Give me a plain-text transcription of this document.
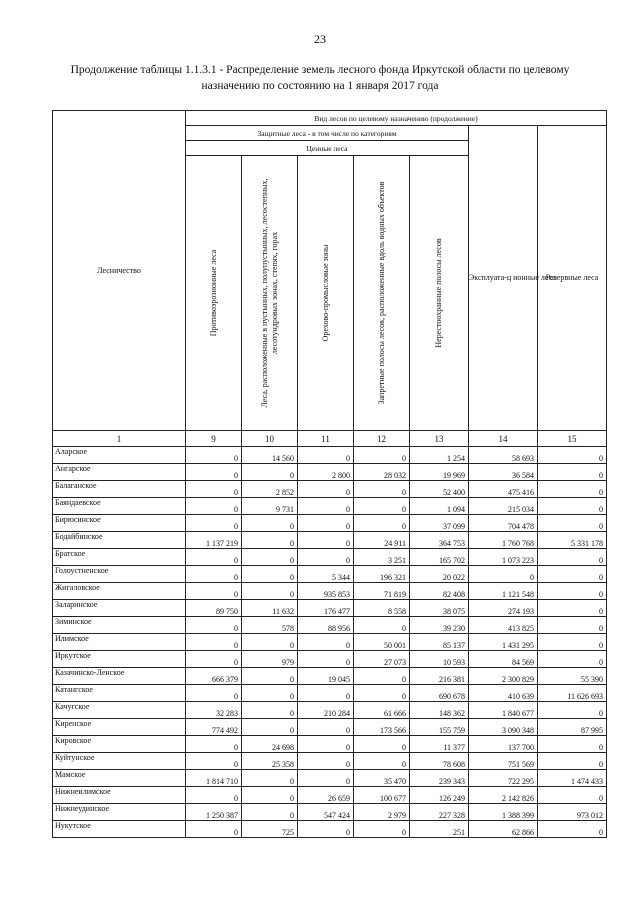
23
Продолжение таблицы 1.1.3.1 - Распределение земель лесного фонда Иркутской области по целевому назначению по состоянию на 1 января 2017 года
Лесничество	Вид лесов по целевому назначению (продолжение)						
	Защитные леса - в том числе по категориям					Эксплуата-ц ионные леса	Резервные леса
	Ценные леса						

	Противоэрозионные леса	Леса, расположенные в пустынных, полупустынных, лесостепных, лесотундровых зонах, степях, горах	Орехово-промысловые зоны	Запретные полосы лесов, расположенные вдоль водных объектов	Нерестоохранные полосы лесов		

1	9	10	11	12	13	14	15
Аларское	0	14 560	0	0	1 254	58 693	0
Ангарское	0	0	2 800	28 032	19 969	36 584	0
Балаганское	0	2 852	0	0	52 400	475 416	0
Баяндаевское	0	9 731	0	0	1 094	215 034	0
Бирюсинское	0	0	0	0	37 099	704 478	0
Бодайбинское	1 137 219	0	0	24 911	364 753	1 760 768	5 331 178
Братское	0	0	0	3 251	165 702	1 073 223	0
Голоустненское	0	0	5 344	196 321	20 022	0	0
Жигаловское	0	0	935 853	71 819	82 408	1 121 548	0
Заларинское	89 750	11 632	176 477	8 558	38 075	274 193	0
Зиминское	0	578	88 956	0	39 230	413 825	0
Илимское	0	0	0	50 001	85 137	1 431 295	0
Иркутское	0	979	0	27 073	10 593	84 569	0
Казачинско-Ленское	666 379	0	19 045	0	216 381	2 300 829	55 390
Катангское	0	0	0	0	690 678	410 639	11 626 693
Качугское	32 283	0	210 284	61 666	148 362	1 840 677	0
Киренское	774 492	0	0	173 566	155 759	3 090 348	87 995
Кировское	0	24 698	0	0	11 377	137 700	0
Куйтунское	0	25 358	0	0	78 608	751 569	0
Мамское	1 814 710	0	0	35 470	239 343	722 295	1 474 433
Нижнеилимское	0	0	26 659	100 677	126 249	2 142 826	0
Нижнеудинское	1 250 387	0	547 424	2 979	227 328	1 388 399	973 012
Нукутское	0	725	0	0	251	62 866	0
